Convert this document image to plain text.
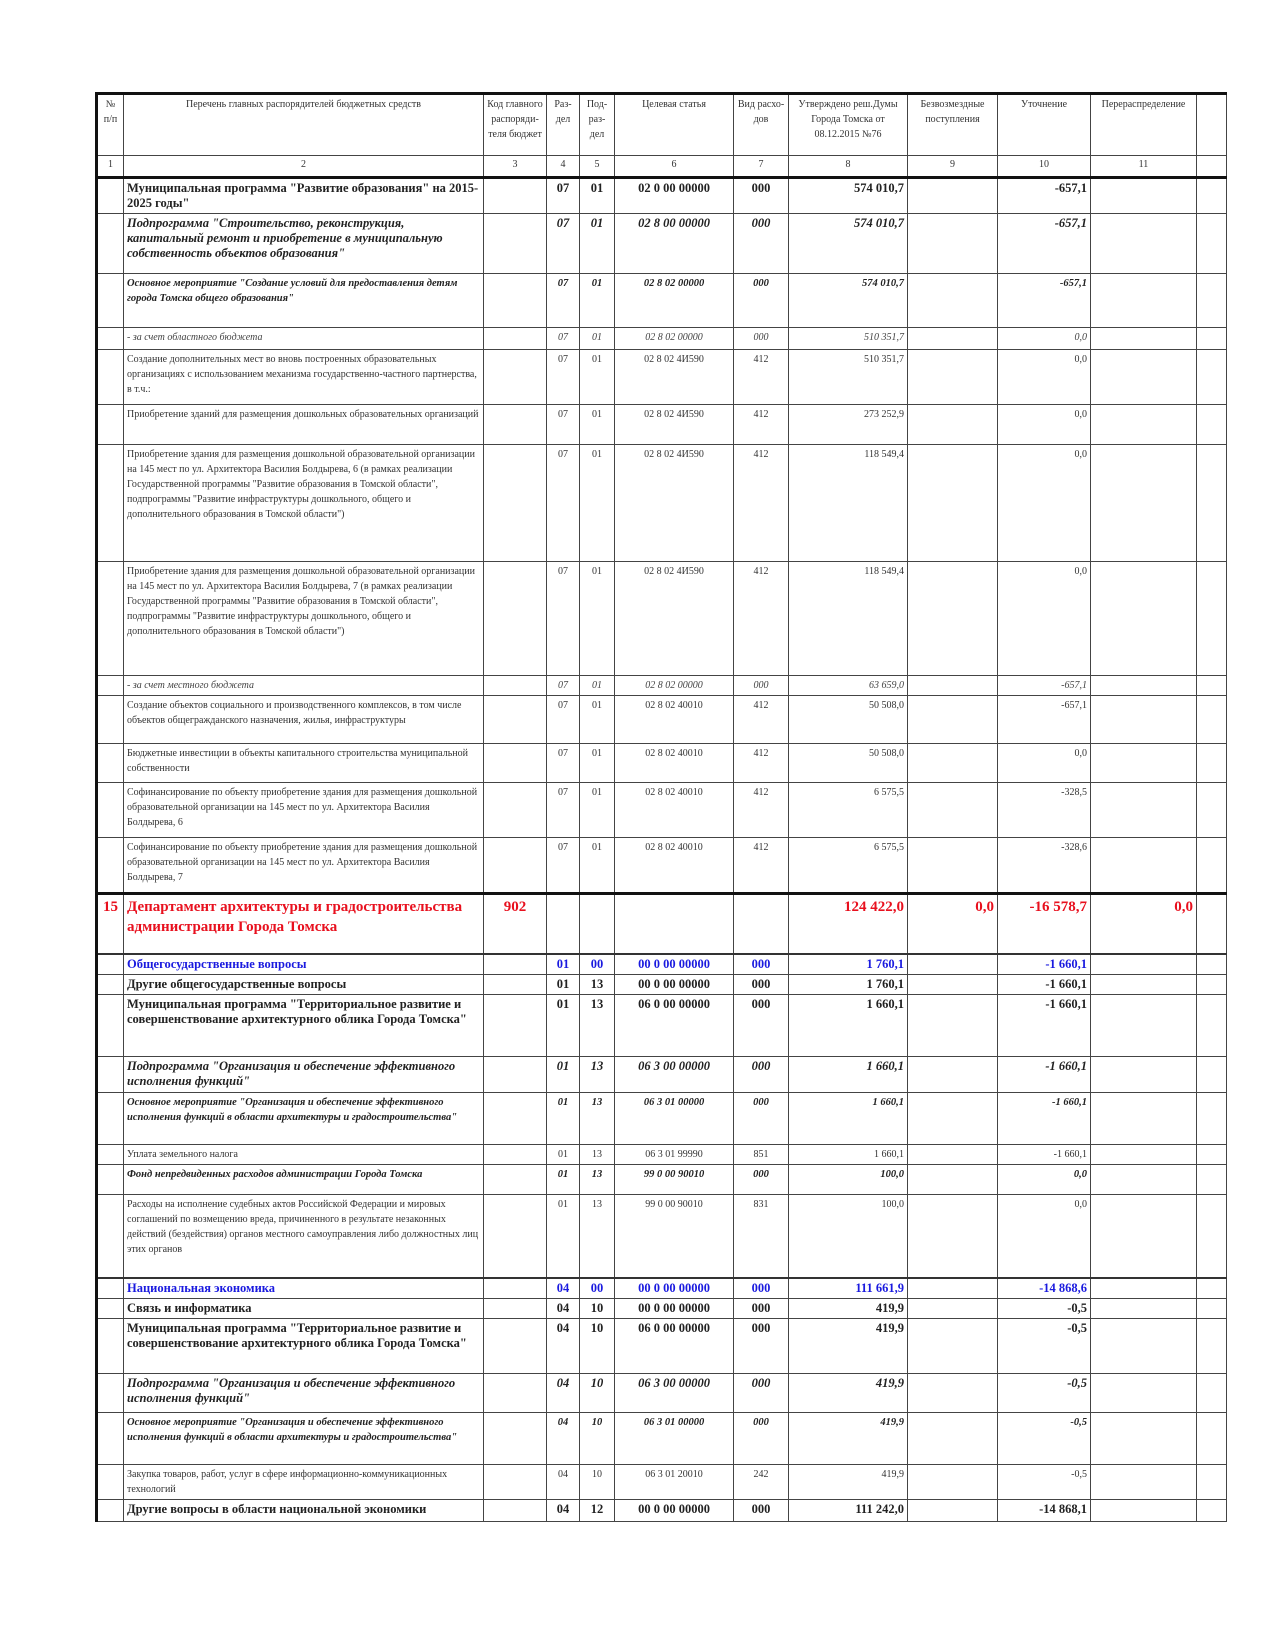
№ п/п	Перечень главных распорядителей бюджетных средств	Код главного распоряди-теля бюджет	Раз-дел	Под-раз-дел	Целевая статья	Вид расхо-дов	Утверждено реш.Думы Города Томска от 08.12.2015 №76	Безвозмездные поступления	Уточнение	Перераспределение	
1	2	3	4	5	6	7	8	9	10	11	
	Муниципальная программа "Развитие образования" на 2015-2025 годы"		07	01	02 0 00 00000	000	574 010,7		-657,1		
	Подпрограмма "Строительство, реконструкция, капитальный ремонт и приобретение в муниципальную собственность объектов образования"		07	01	02 8 00 00000	000	574 010,7		-657,1		
	Основное мероприятие "Создание условий для предоставления детям города Томска общего образования"		07	01	02 8 02 00000	000	574 010,7		-657,1		
	- за счет областного бюджета		07	01	02 8 02 00000	000	510 351,7		0,0		
	Создание дополнительных мест во вновь построенных образовательных организациях с использованием механизма государственно-частного партнерства, в т.ч.:		07	01	02 8 02 4И590	412	510 351,7		0,0		
	Приобретение зданий для размещения дошкольных образовательных организаций		07	01	02 8 02 4И590	412	273 252,9		0,0		
	Приобретение здания для размещения дошкольной образовательной организации на 145 мест по ул. Архитектора Василия Болдырева, 6 (в рамках реализации Государственной программы "Развитие образования в Томской области", подпрограммы "Развитие инфраструктуры дошкольного, общего и дополнительного образования в Томской области")		07	01	02 8 02 4И590	412	118 549,4		0,0		
	Приобретение здания для размещения дошкольной образовательной организации на 145 мест по ул. Архитектора Василия Болдырева, 7 (в рамках реализации Государственной программы "Развитие образования в Томской области", подпрограммы "Развитие инфраструктуры дошкольного, общего и дополнительного образования в Томской области")		07	01	02 8 02 4И590	412	118 549,4		0,0		
	- за счет местного бюджета		07	01	02 8 02 00000	000	63 659,0		-657,1		
	Создание объектов социального и производственного комплексов, в том числе объектов общегражданского назначения, жилья, инфраструктуры		07	01	02 8 02 40010	412	50 508,0		-657,1		
	Бюджетные инвестиции в объекты капитального строительства муниципальной собственности		07	01	02 8 02 40010	412	50 508,0		0,0		
	Софинансирование по объекту приобретение здания для размещения дошкольной образовательной организации на 145 мест по ул. Архитектора Василия Болдырева, 6		07	01	02 8 02 40010	412	6 575,5		-328,5		
	Софинансирование по объекту приобретение здания для размещения дошкольной образовательной организации на 145 мест по ул. Архитектора Василия Болдырева, 7		07	01	02 8 02 40010	412	6 575,5		-328,6		
15	Департамент архитектуры и градостроительства администрации Города Томска	902					124 422,0	0,0	-16 578,7	0,0	
	Общегосударственные вопросы		01	00	00 0 00 00000	000	1 760,1		-1 660,1		
	Другие общегосударственные вопросы		01	13	00 0 00 00000	000	1 760,1		-1 660,1		
	Муниципальная программа "Территориальное развитие и совершенствование архитектурного облика Города Томска"		01	13	06 0 00 00000	000	1 660,1		-1 660,1		
	Подпрограмма "Организация и обеспечение эффективного исполнения функций"		01	13	06 3 00 00000	000	1 660,1		-1 660,1		
	Основное мероприятие "Организация и обеспечение эффективного исполнения функций в области архитектуры и градостроительства"		01	13	06 3 01 00000	000	1 660,1		-1 660,1		
	Уплата земельного налога		01	13	06 3 01 99990	851	1 660,1		-1 660,1		
	Фонд непредвиденных расходов администрации Города Томска		01	13	99 0 00 90010	000	100,0		0,0		
	Расходы на исполнение судебных актов Российской Федерации и мировых соглашений по возмещению вреда, причиненного в результате незаконных действий (бездействия) органов местного самоуправления либо должностных лиц этих органов		01	13	99 0 00 90010	831	100,0		0,0		
	Национальная экономика		04	00	00 0 00 00000	000	111 661,9		-14 868,6		
	Связь и информатика		04	10	00 0 00 00000	000	419,9		-0,5		
	Муниципальная программа "Территориальное развитие и совершенствование архитектурного облика Города Томска"		04	10	06 0 00 00000	000	419,9		-0,5		
	Подпрограмма "Организация и обеспечение эффективного исполнения функций"		04	10	06 3 00 00000	000	419,9		-0,5		
	Основное мероприятие "Организация и обеспечение эффективного исполнения функций в области архитектуры и градостроительства"		04	10	06 3 01 00000	000	419,9		-0,5		
	Закупка товаров, работ, услуг в сфере информационно-коммуникационных технологий		04	10	06 3 01 20010	242	419,9		-0,5		
	Другие вопросы в области национальной экономики		04	12	00 0 00 00000	000	111 242,0		-14 868,1		
